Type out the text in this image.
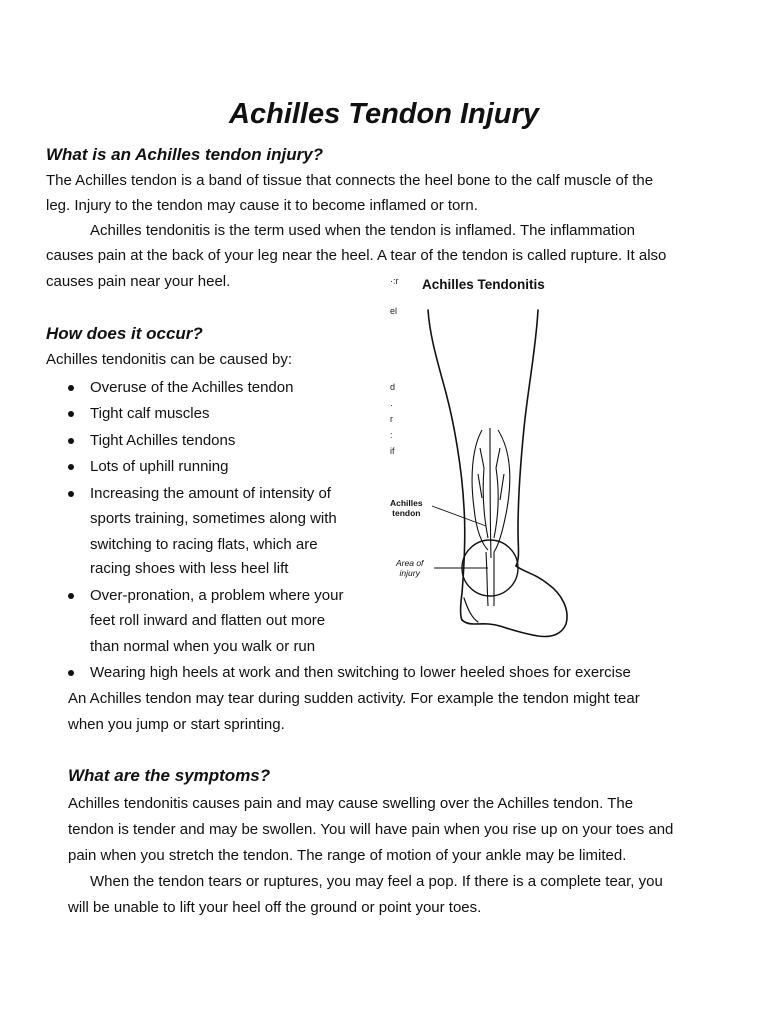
Achilles Tendon Injury
What is an Achilles tendon injury?
The Achilles tendon is a band of tissue that connects the heel bone to the calf muscle of the
leg. Injury to the tendon may cause it to become inflamed or torn.
Achilles tendonitis is the term used when the tendon is inflamed. The inflammation
causes pain at the back of your leg near the heel. A tear of the tendon is called rupture. It also
causes pain near your heel.
How does it occur?
Achilles tendonitis can be caused by:
Overuse of the Achilles tendon
Tight calf muscles
Tight Achilles tendons
Lots of uphill running
Increasing the amount of intensity of
sports training, sometimes along with
switching to racing flats, which are
racing shoes with less heel lift
Over-pronation, a problem where your
feet roll inward and flatten out more
than normal when you walk or run
Wearing high heels at work and then switching to lower heeled shoes for exercise
An Achilles tendon may tear during sudden activity. For example the tendon might tear
when you jump or start sprinting.
What are the symptoms?
Achilles tendonitis causes pain and may cause swelling over the Achilles tendon. The
tendon is tender and may be swollen. You will have pain when you rise up on your toes and
pain when you stretch the tendon. The range of motion of your ankle may be limited.
When the tendon tears or ruptures, you may feel a pop. If there is a complete tear, you
will be unable to lift your heel off the ground or point your toes.
·:r
el
d
·
r
:
if
Achilles Tendonitis
Achilles
tendon
Area of
injury
